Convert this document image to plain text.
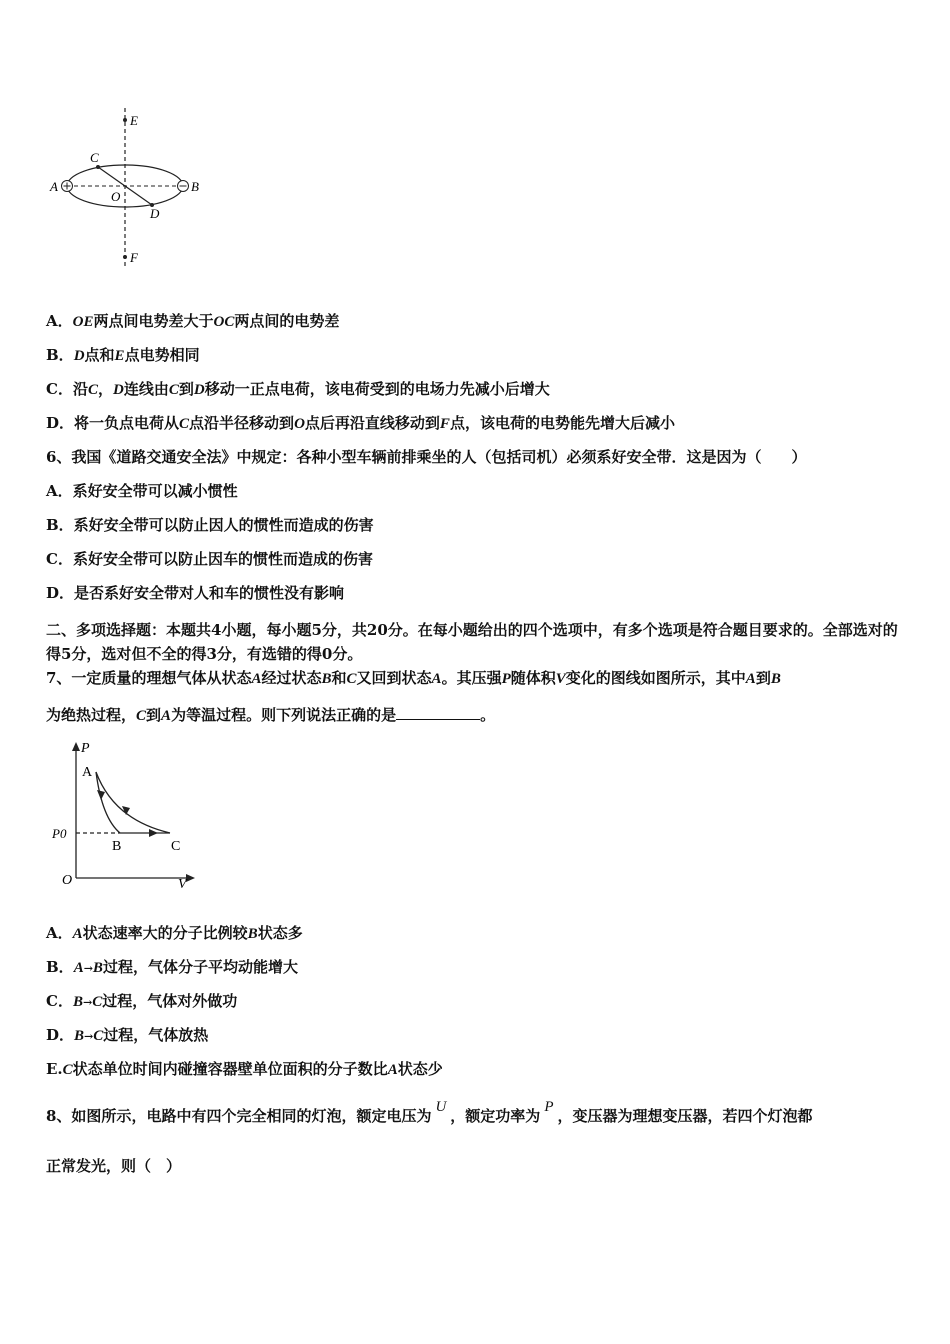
E
F
A	B
C
D
O
A．OE两点间电势差大于OC两点间的电势差
B．D点和E点电势相同
C．沿C，D连线由C到D移动一正点电荷，该电荷受到的电场力先减小后增大
D．将一负点电荷从C点沿半径移动到O点后再沿直线移动到F点，该电荷的电势能先增大后减小
6、我国《道路交通安全法》中规定：各种小型车辆前排乘坐的人（包括司机）必须系好安全带．这是因为（　　）
A．系好安全带可以减小惯性
B．系好安全带可以防止因人的惯性而造成的伤害
C．系好安全带可以防止因车的惯性而造成的伤害
D．是否系好安全带对人和车的惯性没有影响
二、多项选择题：本题共4小题，每小题5分，共20分。在每小题给出的四个选项中，有多个选项是符合题目要求的。全部选对的得5分，选对但不全的得3分，有选错的得0分。
7、一定质量的理想气体从状态A经过状态B和C又回到状态A。其压强P随体积V变化的图线如图所示，其中A到B
为绝热过程，C到A为等温过程。则下列说法正确的是	。
P
V
O
P0
A
B	C
A．A状态速率大的分子比例较B状态多
B．A→B过程，气体分子平均动能增大
C．B→C过程，气体对外做功
D．B→C过程，气体放热
E.C状态单位时间内碰撞容器壁单位面积的分子数比A状态少
8、如图所示，电路中有四个完全相同的灯泡，额定电压为 U ，额定功率为 P ，变压器为理想变压器，若四个灯泡都
正常发光，则（　）
